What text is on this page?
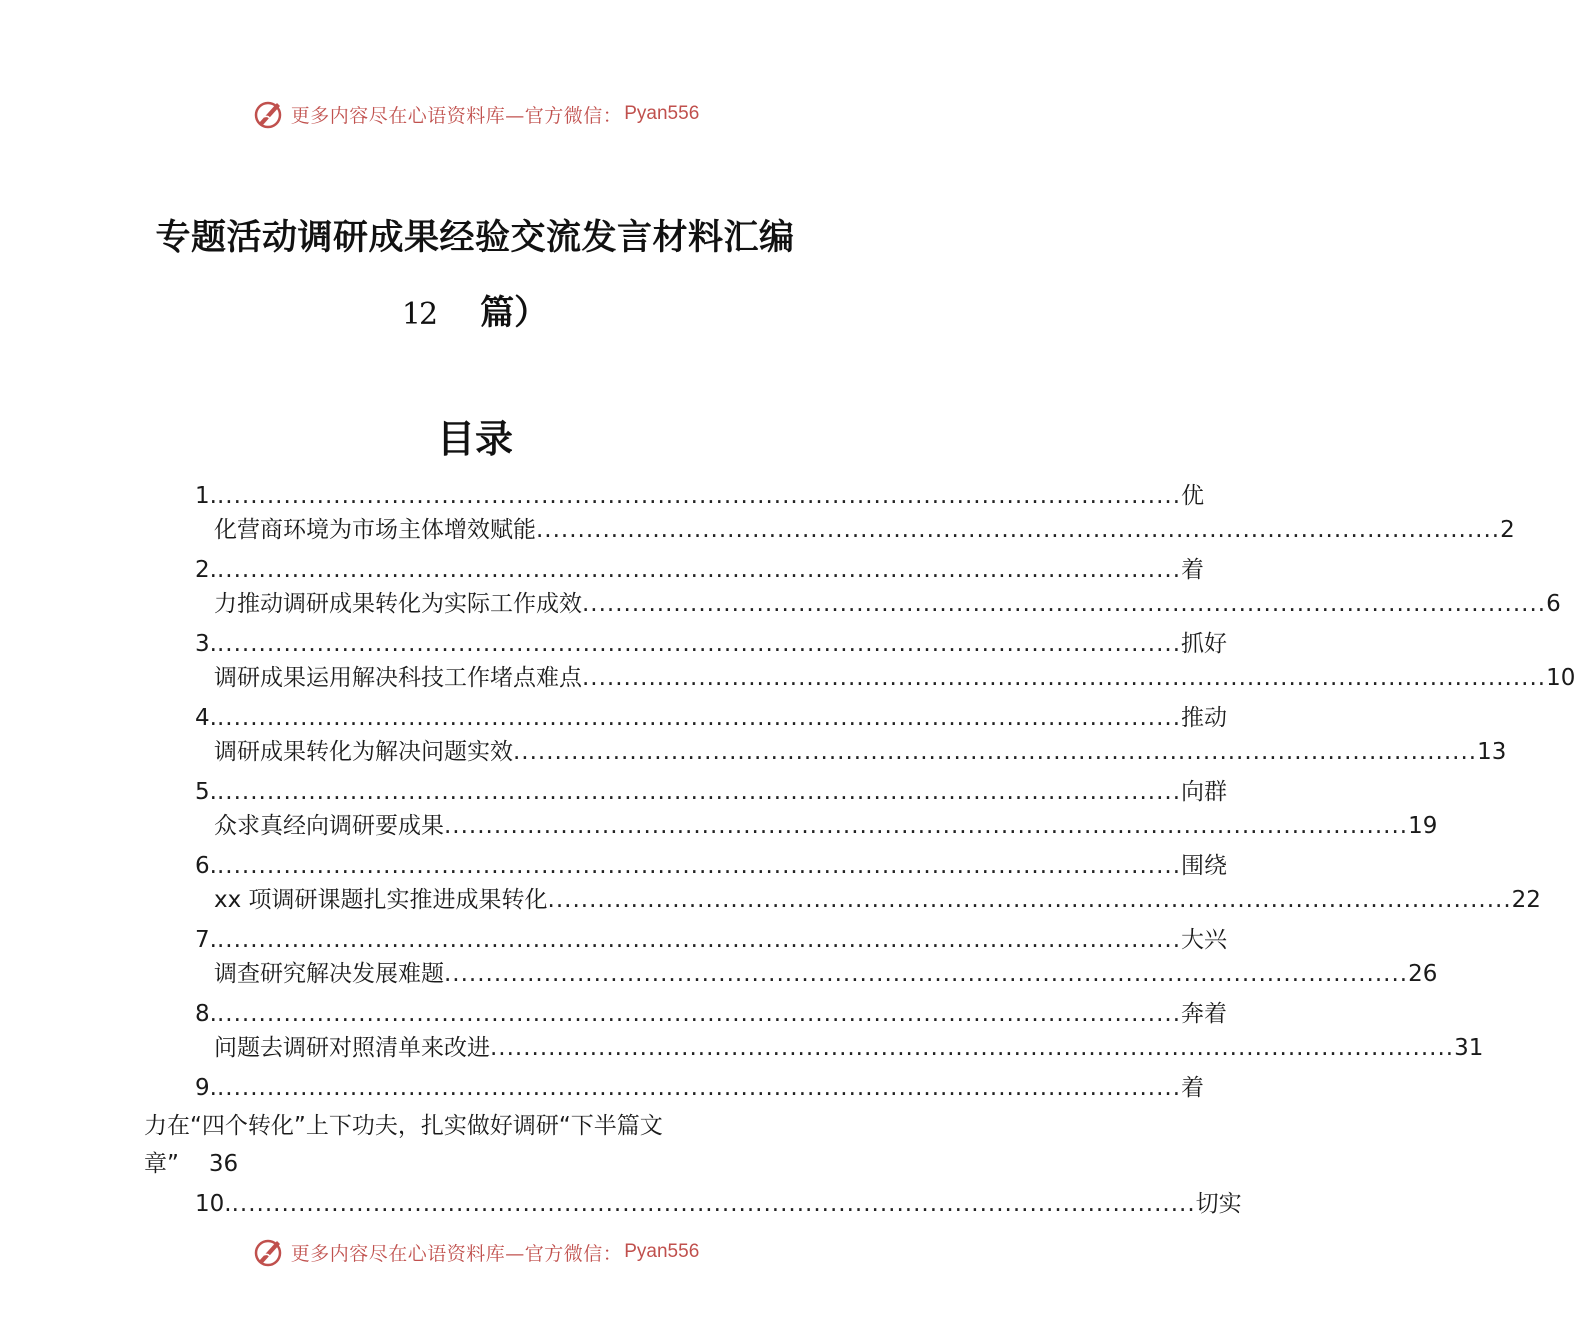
更多内容尽在心语资料库—官方微信： Pyan556
专题活动调研成果经验交流发言材料汇编
12 篇）
目录
1. .................................................................................................................... 优
化营商环境为市场主体增效赋能 .................................................................................................................... 2
2. .................................................................................................................... 着
力推动调研成果转化为实际工作成效 .................................................................................................................... 6
3. .................................................................................................................... 抓好
调研成果运用解决科技工作堵点难点 .................................................................................................................... 10
4. .................................................................................................................... 推动
调研成果转化为解决问题实效 .................................................................................................................... 13
5. .................................................................................................................... 向群
众求真经向调研要成果 .................................................................................................................... 19
6. .................................................................................................................... 围绕
xx 项调研课题扎实推进成果转化 .................................................................................................................... 22
7. .................................................................................................................... 大兴
调查研究解决发展难题 .................................................................................................................... 26
8. .................................................................................................................... 奔着
问题去调研对照清单来改进 .................................................................................................................... 31
9. .................................................................................................................... 着
力在“四个转化”上下功夫，扎实做好调研“下半篇文
章” 36
10. .................................................................................................................... 切实
更多内容尽在心语资料库—官方微信： Pyan556
